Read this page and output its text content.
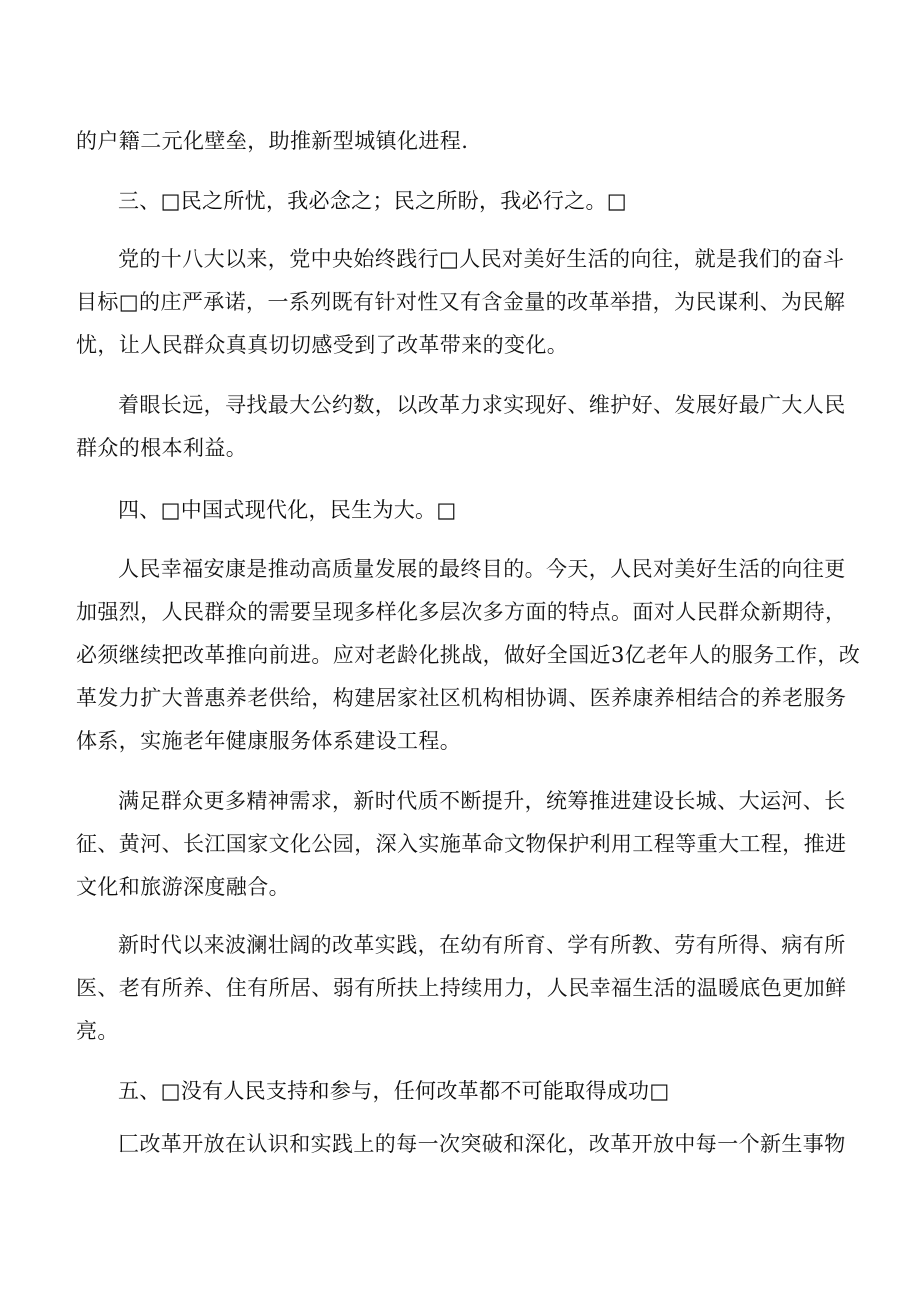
的户籍二元化壁垒，助推新型城镇化进程.
三、□民之所忧，我必念之；民之所盼，我必行之。□
党的十八大以来，党中央始终践行□人民对美好生活的向往，就是我们的奋斗
目标□的庄严承诺，一系列既有针对性又有含金量的改革举措，为民谋利、为民解
忧，让人民群众真真切切感受到了改革带来的变化。
着眼长远，寻找最大公约数，以改革力求实现好、维护好、发展好最广大人民
群众的根本利益。
四、□中国式现代化，民生为大。□
人民幸福安康是推动高质量发展的最终目的。今天，人民对美好生活的向往更
加强烈，人民群众的需要呈现多样化多层次多方面的特点。面对人民群众新期待，
必须继续把改革推向前进。应对老龄化挑战，做好全国近3亿老年人的服务工作，改
革发力扩大普惠养老供给，构建居家社区机构相协调、医养康养相结合的养老服务
体系，实施老年健康服务体系建设工程。
满足群众更多精神需求，新时代质不断提升，统筹推进建设长城、大运河、长
征、黄河、长江国家文化公园，深入实施革命文物保护利用工程等重大工程，推进
文化和旅游深度融合。
新时代以来波澜壮阔的改革实践，在幼有所育、学有所教、劳有所得、病有所
医、老有所养、住有所居、弱有所扶上持续用力，人民幸福生活的温暖底色更加鲜
亮。
五、□没有人民支持和参与，任何改革都不可能取得成功□
匚改革开放在认识和实践上的每一次突破和深化，改革开放中每一个新生事物
